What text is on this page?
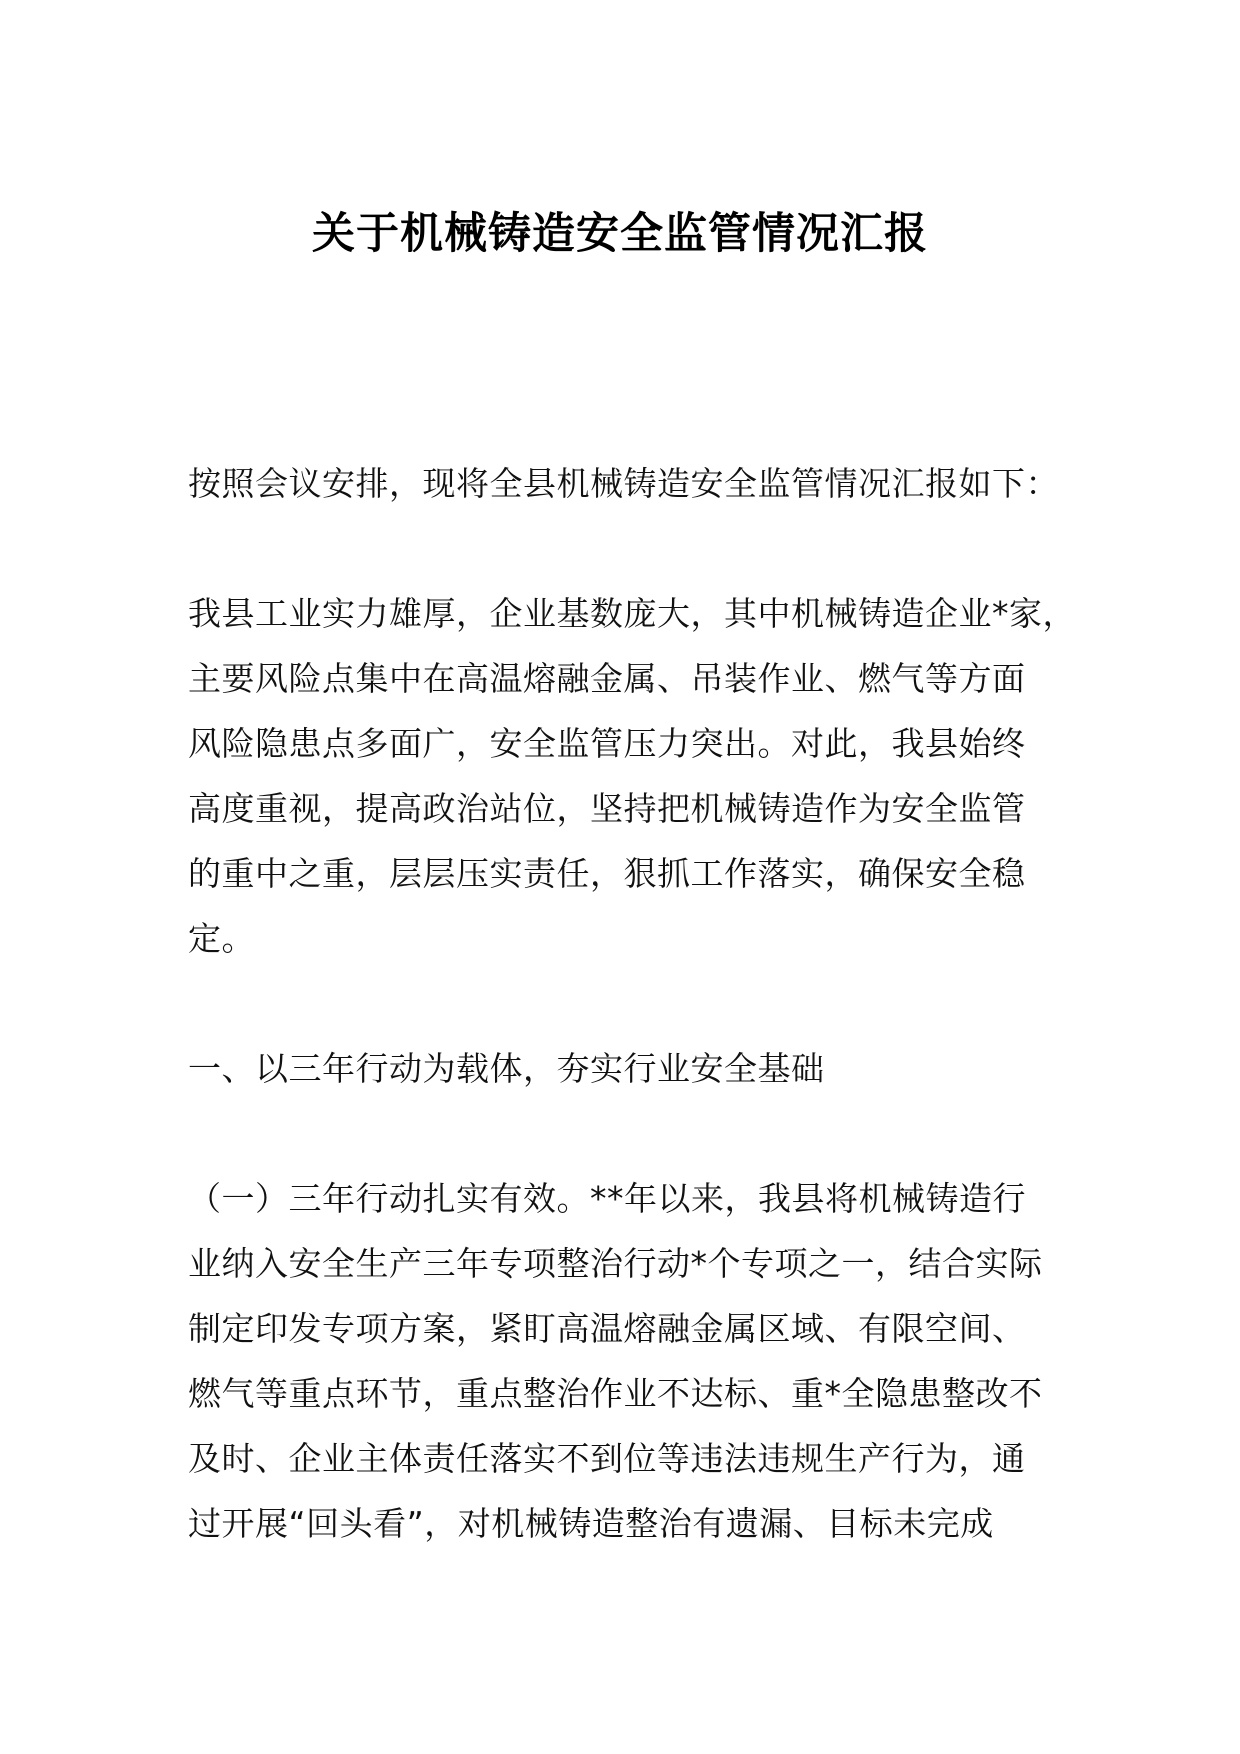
关于机械铸造安全监管情况汇报
按照会议安排，现将全县机械铸造安全监管情况汇报如下：
我县工业实力雄厚，企业基数庞大，其中机械铸造企业*家，
主要风险点集中在高温熔融金属、吊装作业、燃气等方面
风险隐患点多面广，安全监管压力突出。对此，我县始终
高度重视，提高政治站位，坚持把机械铸造作为安全监管
的重中之重，层层压实责任，狠抓工作落实，确保安全稳
定。
一、以三年行动为载体，夯实行业安全基础
（一）三年行动扎实有效。**年以来，我县将机械铸造行
业纳入安全生产三年专项整治行动*个专项之一，结合实际
制定印发专项方案，紧盯高温熔融金属区域、有限空间、
燃气等重点环节，重点整治作业不达标、重*全隐患整改不
及时、企业主体责任落实不到位等违法违规生产行为，通
过开展“回头看”，对机械铸造整治有遗漏、目标未完成
